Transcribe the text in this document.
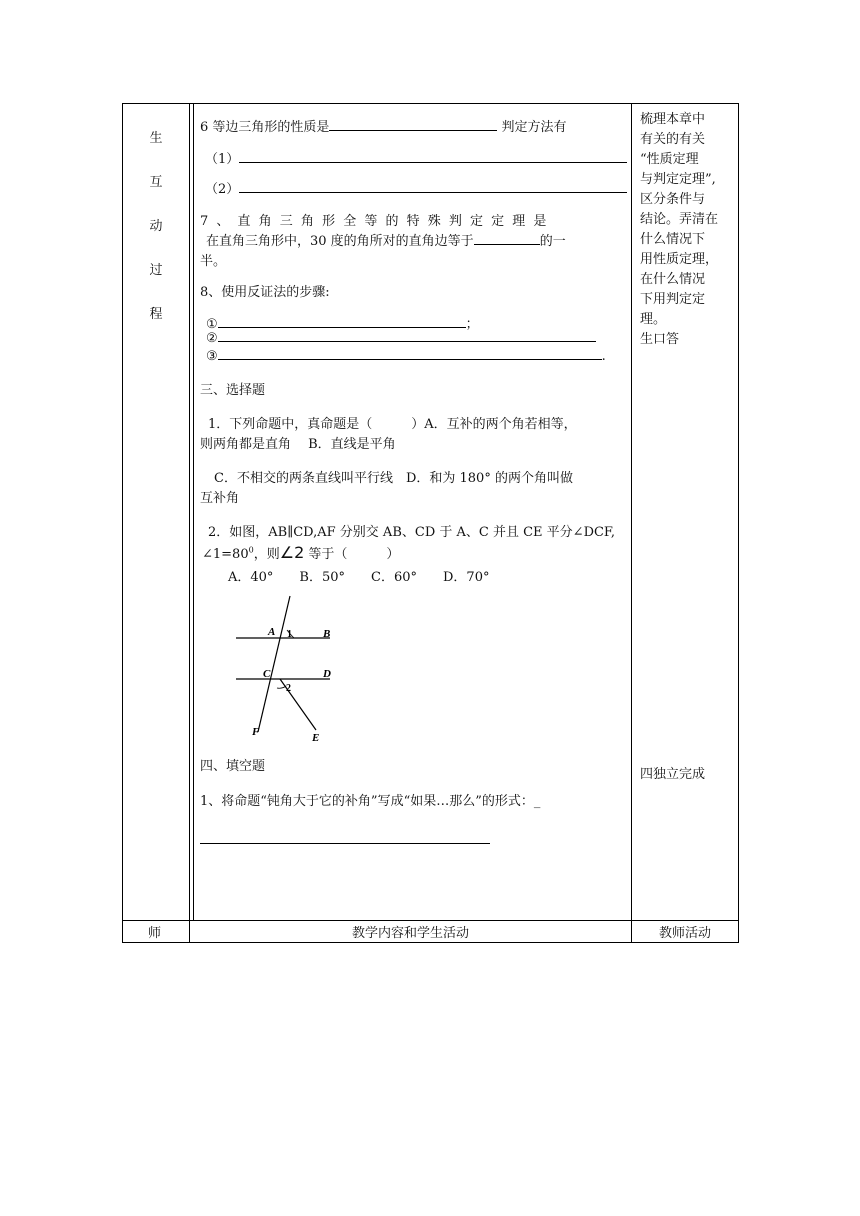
生
互
动
过
程
6 等边三角形的性质是	判定方法有
（1）
（2）
7 、 直 角 三 角 形 全 等 的 特 殊 判 定 定 理 是
在直角三角形中，30 度的角所对的直角边等于	的一
半。
8、使用反证法的步骤:
①	；
②
③	.
三、选择题
1．下列命题中，真命题是（　　　）A．互补的两个角若相等，
则两角都是直角　 B．直线是平角
C．不相交的两条直线叫平行线　D．和为 180° 的两个角叫做
互补角
2．如图，AB∥CD,AF 分别交 AB、CD 于 A、C 并且 CE 平分∠DCF,
$\angle 1=80^0$，则∠2 等于（　　　）
A．40°　　B．50°　　C．60°　　D．70°
A 1	B
C	D
2
F	E
四、填空题
1、将命题“钝角大于它的补角”写成“如果…那么”的形式：_
梳理本章中
有关的有关
“性质定理
与判定定理”,
区分条件与
结论。弄清在
什么情况下
用性质定理，
在什么情况
下用判定定
理。
生口答
四独立完成
师	教学内容和学生活动	教师活动
